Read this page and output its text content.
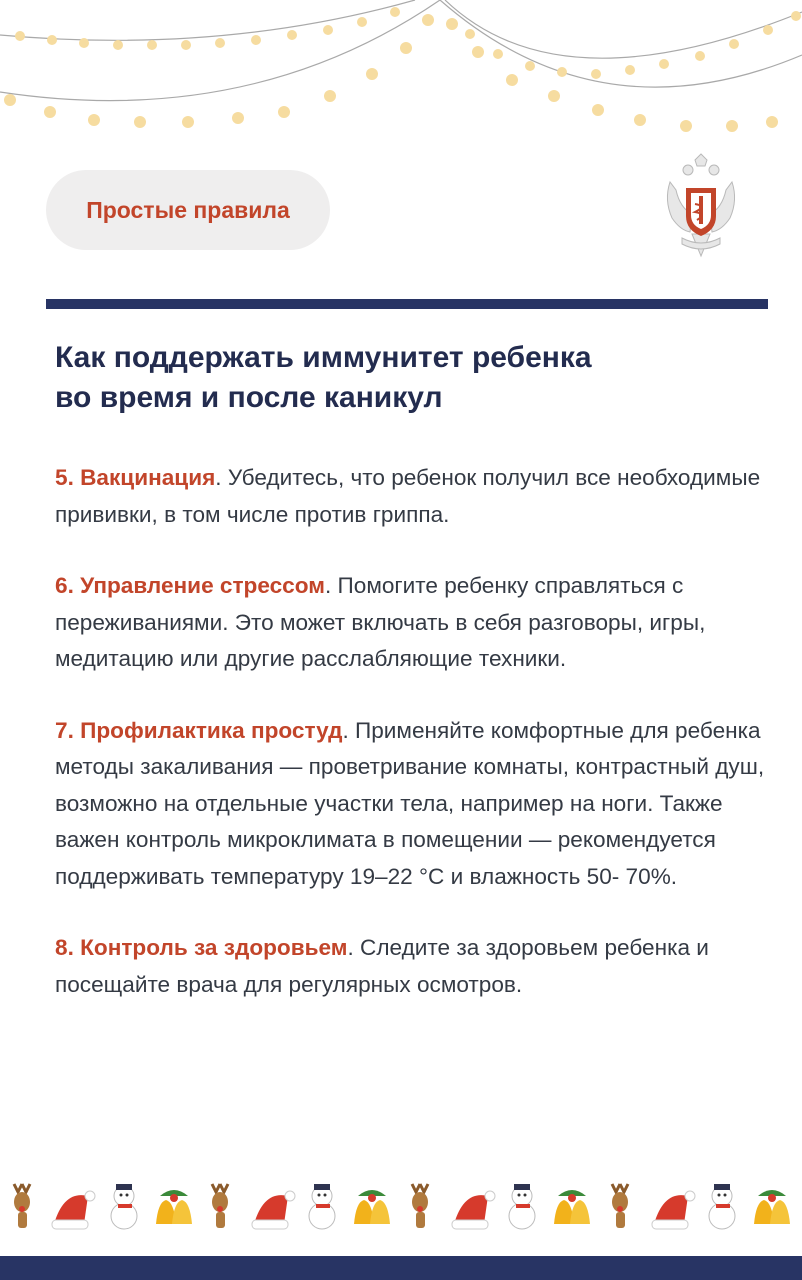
Простые правила
Как поддержать иммунитет ребенка
во время и после каникул

5. Вакцинация. Убедитесь, что ребенок получил все необходимые прививки, в том числе против гриппа.

6. Управление стрессом. Помогите ребенку справляться с переживаниями. Это может включать в себя разговоры, игры, медитацию или другие расслабляющие техники.

7. Профилактика простуд. Применяйте комфортные для ребенка методы закаливания — проветривание комнаты, контрастный душ, возможно на отдельные участки тела, например на ноги. Также важен контроль микроклимата в помещении — рекомендуется поддерживать температуру 19–22 °C и влажность 50- 70%.

8. Контроль за здоровьем. Следите за здоровьем ребенка и посещайте врача для регулярных осмотров.
